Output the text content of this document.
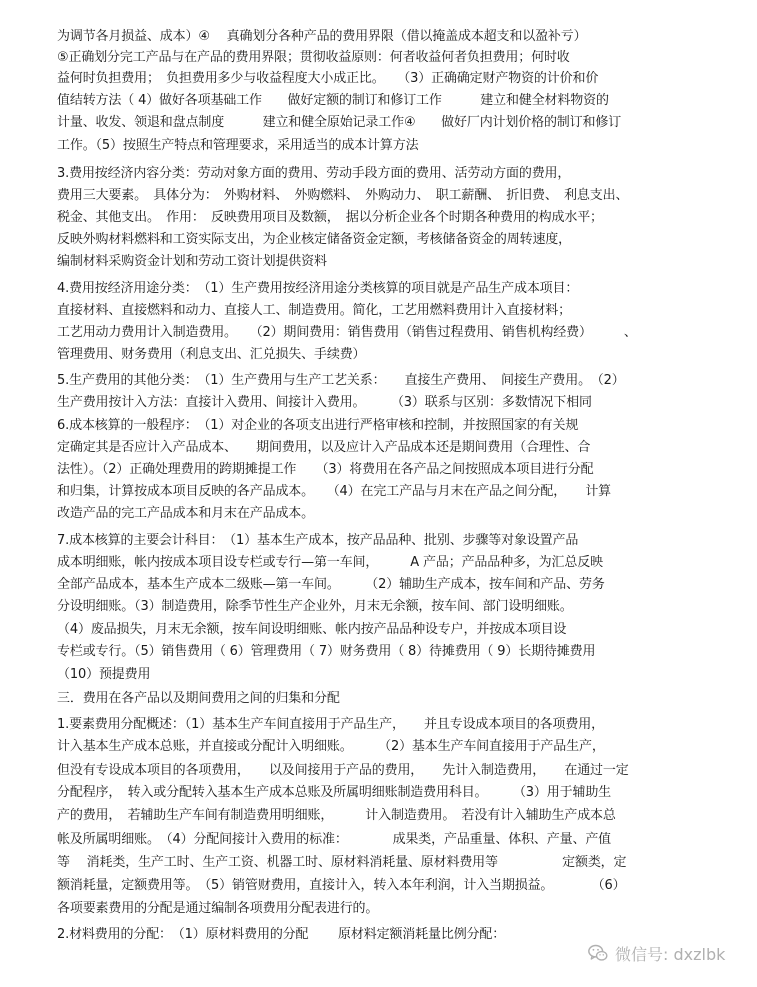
为调节各月损益、成本）④　 真确划分各种产品的费用界限（借以掩盖成本超支和以盈补亏）
⑤正确划分完工产品与在产品的费用界限；贯彻收益原则：何者收益何者负担费用；何时收
益何时负担费用；　负担费用多少与收益程度大小成正比。　　（3）正确确定财产物资的计价和价
值结转方法（ 4）做好各项基础工作　　做好定额的制订和修订工作　　　建立和健全材料物资的
计量、收发、领退和盘点制度　　　建立和健全原始记录工作④　　做好厂内计划价格的制订和修订
工作。（5）按照生产特点和管理要求，采用适当的成本计算方法
3.费用按经济内容分类：劳动对象方面的费用、劳动手段方面的费用、活劳动方面的费用，
费用三大要素。　具体分为：　外购材料、　外购燃料、　外购动力、　职工薪酬、　折旧费、　利息支出、
税金、其他支出。　作用：　反映费用项目及数额，　据以分析企业各个时期各种费用的构成水平；
反映外购材料燃料和工资实际支出，为企业核定储备资金定额，考核储备资金的周转速度，
编制材料采购资金计划和劳动工资计划提供资料
4.费用按经济用途分类：　（1）生产费用按经济用途分类核算的项目就是产品生产成本项目：
直接材料、直接燃料和动力、直接人工、制造费用。简化，工艺用燃料费用计入直接材料；
工艺用动力费用计入制造费用。　　（2）期间费用：销售费用（销售过程费用、销售机构经费）　　　、
管理费用、财务费用（利息支出、汇兑损失、手续费）
5.生产费用的其他分类：　（1）生产费用与生产工艺关系：　　直接生产费用、　间接生产费用。　（2）
生产费用按计入方法：直接计入费用、间接计入费用。　　　（3）联系与区别：多数情况下相同
6.成本核算的一般程序：　（1）对企业的各项支出进行严格审核和控制，并按照国家的有关规
定确定其是否应计入产品成本、　　期间费用，以及应计入产品成本还是期间费用（合理性、合
法性）。（2）正确处理费用的跨期摊提工作　　（3）将费用在各产品之间按照成本项目进行分配
和归集，计算按成本项目反映的各产品成本。　　（4）在完工产品与月末在产品之间分配，　　计算
改造产品的完工产品成本和月末在产品成本。
7.成本核算的主要会计科目：　（1）基本生产成本，按产品品种、批别、步骤等对象设置产品
成本明细账，帐内按成本项目设专栏或专行—第一车间，　　　A 产品；产品品种多，为汇总反映
全部产品成本，基本生产成本二级账—第一车间。　　　（2）辅助生产成本，按车间和产品、劳务
分设明细账。（3）制造费用，除季节性生产企业外，月末无余额，按车间、部门设明细账。
（4）废品损失，月末无余额，按车间设明细账、帐内按产品品种设专户，并按成本项目设
专栏或专行。（5）销售费用（ 6）管理费用（ 7）财务费用（ 8）待摊费用（ 9）长期待摊费用
（10）预提费用
三．费用在各产品以及期间费用之间的归集和分配
1.要素费用分配概述：（1）基本生产车间直接用于产品生产，　　并且专设成本项目的各项费用，
计入基本生产成本总账，并直接或分配计入明细账。　　　（2）基本生产车间直接用于产品生产，
但没有专设成本项目的各项费用，　　以及间接用于产品的费用，　　先计入制造费用，　　在通过一定
分配程序，　转入或分配转入基本生产成本总账及所属明细账制造费用科目。　　　（3）用于辅助生
产的费用，　若辅助生产车间有制造费用明细账，　　　计入制造费用。　若没有计入辅助生产成本总
帐及所属明细账。　（4）分配间接计入费用的标准：　　　　成果类，产品重量、体积、产量、产值
等　 消耗类，生产工时、生产工资、机器工时、原材料消耗量、原材料费用等　　　　　定额类，定
额消耗量，定额费用等。　（5）销管财费用，直接计入，转入本年利润，计入当期损益。　　　　（6）
各项要素费用的分配是通过编制各项费用分配表进行的。
2.材料费用的分配：　（1）原材料费用的分配　　 原材料定额消耗量比例分配：
微信号: dxzlbk
